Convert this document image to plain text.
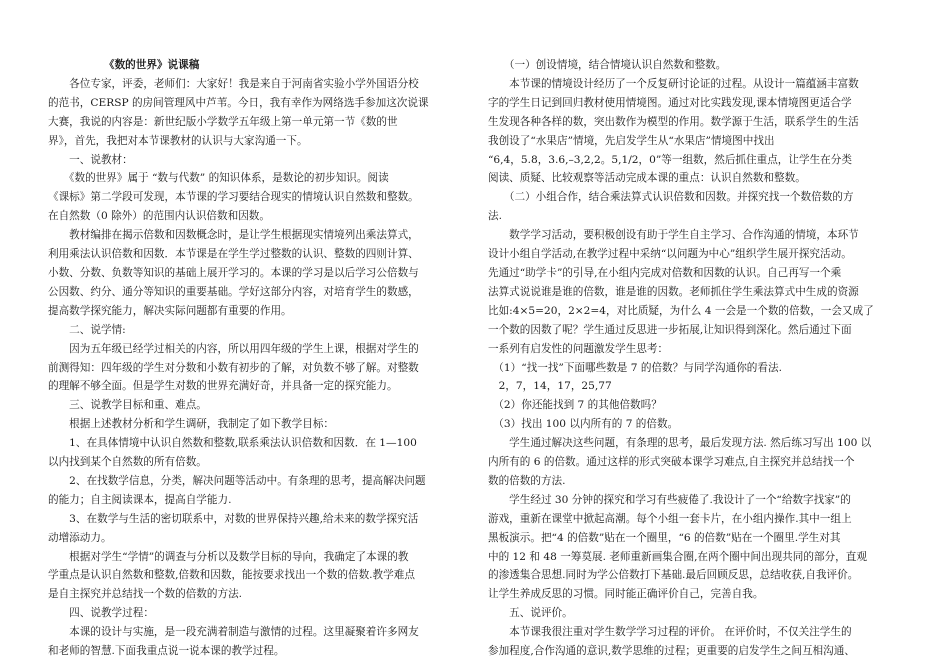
《数的世界》说课稿
　　各位专家，评委，老师们：大家好！我是来自于河南省实验小学外国语分校
的范书，CERSP 的房间管理风中芦苇。今日，我有幸作为网络选手参加这次说课
大赛，我说的内容是：新世纪版小学数学五年级上第一单元第一节《数的世
界》，首先，我把对本节课教材的认识与大家沟通一下。
　　一、说教材：
　　《数的世界》属于 “数与代数” 的知识体系，是数论的初步知识。阅读
《课标》第二学段可发现，本节课的学习要结合现实的情境认识自然数和整数。
在自然数（0 除外）的范围内认识倍数和因数。
　　教材编排在揭示倍数和因数概念时，是让学生根据现实情境列出乘法算式，
利用乘法认识倍数和因数．本节课是在学生学过整数的认识、整数的四则计算、
小数、分数、负数等知识的基础上展开学习的。本课的学习是以后学习公倍数与
公因数、约分、通分等知识的重要基础。学好这部分内容，对培育学生的数感，
提高数学探究能力，解决实际问题都有重要的作用。
　　二、说学情:
　　因为五年级已经学过相关的内容，所以用四年级的学生上课，根据对学生的
前测得知：四年级的学生对分数和小数有初步的了解，对负数不够了解。对整数
的理解不够全面。但是学生对数的世界充满好奇，并具备一定的探究能力。
　　三、说教学目标和重、难点。
　　根据上述教材分析和学生调研，我制定了如下教学目标：
　　1、在具体情境中认识自然数和整数,联系乘法认识倍数和因数．在 1—100
以内找到某个自然数的所有倍数。
　　2、在找数学信息，分类，解决问题等活动中。有条理的思考，提高解决问题
的能力；自主阅读课本，提高自学能力.
　　3、在数学与生活的密切联系中，对数的世界保持兴趣,给未来的数学探究活
动增添动力。
　　根据对学生“学情”的调查与分析以及数学目标的导向，我确定了本课的教
学重点是认识自然数和整数,倍数和因数，能按要求找出一个数的倍数.教学难点
是自主探究并总结找一个数的倍数的方法.
　　四、说教学过程：
　　本课的设计与实施，是一段充满着制造与激情的过程。这里凝聚着许多网友
和老师的智慧.下面我重点说一说本课的教学过程。
　　（一）创设情境，结合情境认识自然数和整数。
　　本节课的情境设计经历了一个反复研讨论证的过程。从设计一篇蕴涵丰富数
字的学生日记到回归教材使用情境图。通过对比实践发现,课本情境图更适合学
生发现各种各样的数，突出数作为模型的作用。数学源于生活，联系学生的生活
我创设了“水果店”情境，先启发学生从“水果店”情境图中找出
“6,4，5.8，3.6,–3,2,2。5,1/2，0”等一组数，然后抓住重点，让学生在分类
阅读、质疑、比较观察等活动完成本课的重点：认识自然数和整数。
　　（二）小组合作，结合乘法算式认识倍数和因数。并探究找一个数倍数的方
法.
　　数学学习活动，要积极创设有助于学生自主学习、合作沟通的情境，本环节
设计小组自学活动,在教学过程中采纳“以问题为中心”组织学生展开探究活动。
先通过“助学卡”的引导,在小组内完成对倍数和因数的认识。自己再写一个乘
法算式说说谁是谁的倍数，谁是谁的因数。老师抓住学生乘法算式中生成的资源
比如:4×5=20，2×2=4，对比质疑，为什么 4 一会是一个数的倍数，一会又成了
一个数的因数了呢？学生通过反思进一步拓展,让知识得到深化。然后通过下面
一系列有启发性的问题激发学生思考：
　（1）“找一找”下面哪些数是 7 的倍数？与同学沟通你的看法.
　2，7，14，17，25,77
　（2）你还能找到 7 的其他倍数吗？
　（3）找出 100 以内所有的 7 的倍数。
　　学生通过解决这些问题，有条理的思考，最后发现方法. 然后练习写出 100 以
内所有的 6 的倍数。通过这样的形式突破本课学习难点,自主探究并总结找一个
数的倍数的方法.
　　学生经过 30 分钟的探究和学习有些疲倦了.我设计了一个“给数字找家”的
游戏，重新在课堂中掀起高潮。每个小组一套卡片，在小组内操作.其中一组上
黑板演示。把“4 的倍数”贴在一个圈里，“6 的倍数”贴在一个圈里.学生对其
中的 12 和 48 一筹莫展. 老师重新画集合圈,在两个圈中间出现共同的部分，直观
的渗透集合思想.同时为学公倍数打下基础.最后回顾反思，总结收获,自我评价。
让学生养成反思的习惯。同时能正确评价自己，完善自我。
　　五、说评价。
　　本节课我很注重对学生数学学习过程的评价。 在评价时，不仅关注学生的
参加程度,合作沟通的意识,数学思维的过程；更重要的启发学生之间互相沟通、
